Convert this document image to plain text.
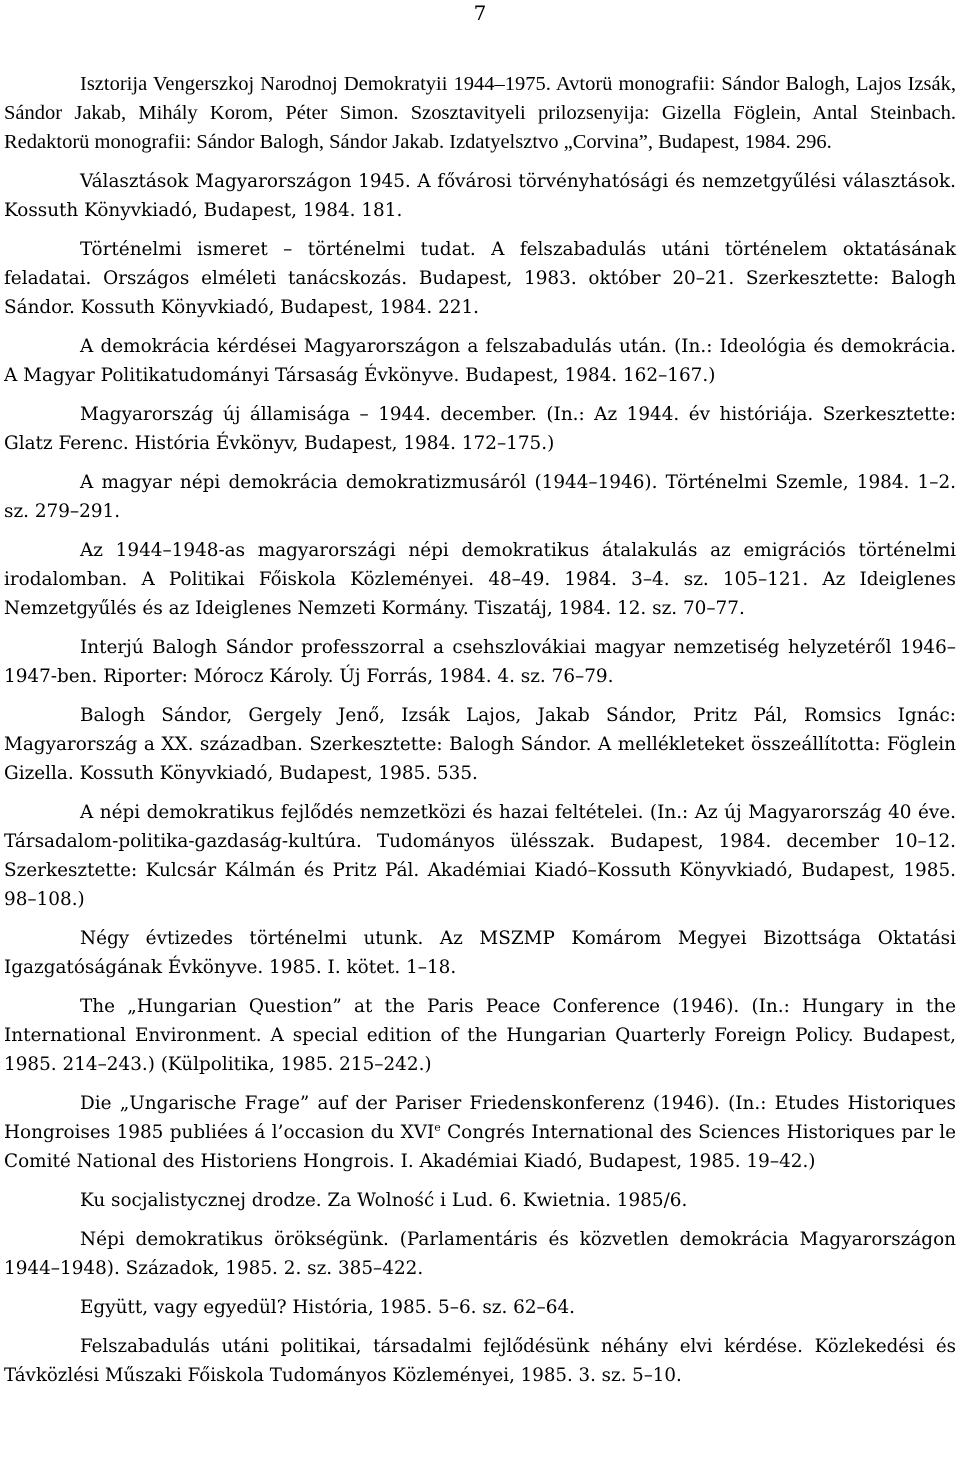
7

Isztorija Vengerszkoj Narodnoj Demokratyii 1944–1975. Avtorü monografii: Sándor Balogh, Lajos Izsák, Sándor Jakab, Mihály Korom, Péter Simon. Szosztavityeli prilozsenyija: Gizella Föglein, Antal Steinbach. Redaktorü monografii: Sándor Balogh, Sándor Jakab. Izdatyelsztvo „Corvina”, Budapest, 1984. 296.

Választások Magyarországon 1945. A fővárosi törvényhatósági és nemzetgyűlési választások. Kossuth Könyvkiadó, Budapest, 1984. 181.

Történelmi ismeret – történelmi tudat. A felszabadulás utáni történelem oktatásának feladatai. Országos elméleti tanácskozás. Budapest, 1983. október 20–21. Szerkesztette: Balogh Sándor. Kossuth Könyvkiadó, Budapest, 1984. 221.

A demokrácia kérdései Magyarországon a felszabadulás után. (In.: Ideológia és demokrácia. A Magyar Politikatudományi Társaság Évkönyve. Budapest, 1984. 162–167.)

Magyarország új államisága – 1944. december. (In.: Az 1944. év históriája. Szerkesztette: Glatz Ferenc. História Évkönyv, Budapest, 1984. 172–175.)

A magyar népi demokrácia demokratizmusáról (1944–1946). Történelmi Szemle, 1984. 1–2. sz. 279–291.

Az 1944–1948-as magyarországi népi demokratikus átalakulás az emigrációs történelmi irodalomban. A Politikai Főiskola Közleményei. 48–49. 1984. 3–4. sz. 105–121. Az Ideiglenes Nemzetgyűlés és az Ideiglenes Nemzeti Kormány. Tiszatáj, 1984. 12. sz. 70–77.

Interjú Balogh Sándor professzorral a csehszlovákiai magyar nemzetiség helyzetéről 1946–1947-ben. Riporter: Mórocz Károly. Új Forrás, 1984. 4. sz. 76–79.

Balogh Sándor, Gergely Jenő, Izsák Lajos, Jakab Sándor, Pritz Pál, Romsics Ignác: Magyarország a XX. században. Szerkesztette: Balogh Sándor. A mellékleteket összeállította: Föglein Gizella. Kossuth Könyvkiadó, Budapest, 1985. 535.

A népi demokratikus fejlődés nemzetközi és hazai feltételei. (In.: Az új Magyarország 40 éve. Társadalom-politika-gazdaság-kultúra. Tudományos ülésszak. Budapest, 1984. december 10–12. Szerkesztette: Kulcsár Kálmán és Pritz Pál. Akadémiai Kiadó–Kossuth Könyvkiadó, Budapest, 1985. 98–108.)

Négy évtizedes történelmi utunk. Az MSZMP Komárom Megyei Bizottsága Oktatási Igazgatóságának Évkönyve. 1985. I. kötet. 1–18.

The „Hungarian Question” at the Paris Peace Conference (1946). (In.: Hungary in the International Environment. A special edition of the Hungarian Quarterly Foreign Policy. Budapest, 1985. 214–243.) (Külpolitika, 1985. 215–242.)

Die „Ungarische Frage” auf der Pariser Friedenskonferenz (1946). (In.: Etudes Historiques Hongroises 1985 publiées á l’occasion du XVIe Congrés International des Sciences Historiques par le Comité National des Historiens Hongrois. I. Akadémiai Kiadó, Budapest, 1985. 19–42.)

Ku socjalistycznej drodze. Za Wolność i Lud. 6. Kwietnia. 1985/6.

Népi demokratikus örökségünk. (Parlamentáris és közvetlen demokrácia Magyarországon 1944–1948). Századok, 1985. 2. sz. 385–422.

Együtt, vagy egyedül? História, 1985. 5–6. sz. 62–64.

Felszabadulás utáni politikai, társadalmi fejlődésünk néhány elvi kérdése. Közlekedési és Távközlési Műszaki Főiskola Tudományos Közleményei, 1985. 3. sz. 5–10.
